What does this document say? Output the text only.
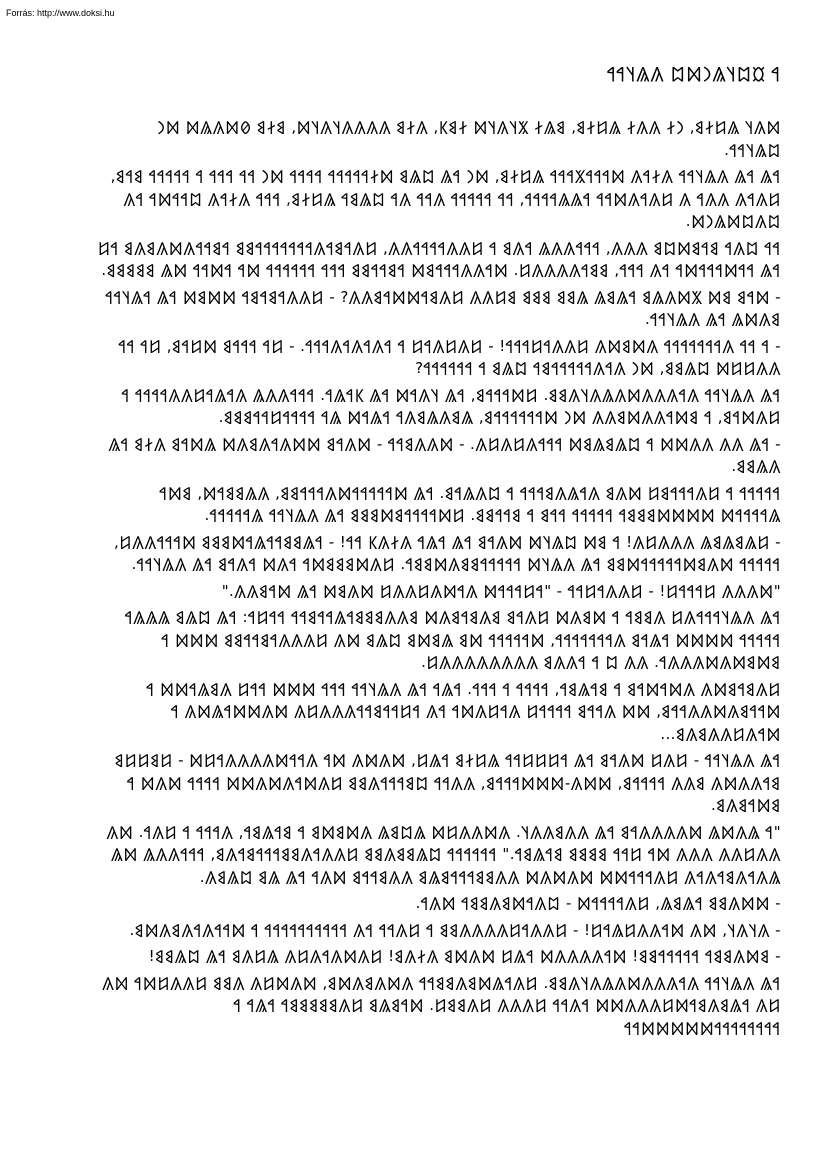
Forrás: http://www.doksi.hu
𐲀 𐲬𐲪𐲦𐲖𐲙𐲫𐲪 𐲍𐲖𐲦𐲀𐲀

𐲫𐲍𐲦 𐲖𐲆𐲇𐲘, 𐲙𐲇 𐲍𐲍𐲇 𐲖𐲆𐲇𐲘, 𐲘𐲖𐲇 𐲨𐲦𐲍𐲦𐲫 𐲇𐲘𐲞, 𐲍𐲇𐲘 𐲍𐲍𐲍𐲍𐲦𐲍𐲦𐲫, 𐲘𐲇𐲘 𐲗𐲫𐲍𐲖𐲫 𐲫𐲙 𐲪𐲖𐲦𐲀𐲀.

𐲀𐲖 𐲀𐲖 𐲍𐲖𐲦𐲀𐲀 𐲍𐲇𐲀𐲍 𐲫𐲀𐲀𐲀𐲨𐲀𐲀𐲀 𐲖𐲆𐲇𐲘, 𐲫𐲙 𐲀𐲖 𐲪𐲖𐲘 𐲫𐲇𐲀𐲀𐲀𐲀𐲀 𐲀𐲀𐲀𐲀 𐲫𐲙 𐲀𐲀 𐲀𐲀𐲀 𐲀 𐲀𐲀𐲀𐲀𐲀 𐲘𐲀𐲘, 𐲆𐲍𐲀𐲍 𐲍𐲍𐲀 𐲍 𐲆𐲍𐲀𐲍𐲫𐲀𐲀 𐲀𐲖𐲖𐲀𐲀𐲀𐲀, 𐲀𐲀 𐲀𐲀𐲀𐲀𐲀 𐲍𐲀𐲀 𐲍𐲀 𐲪𐲖𐲘𐲀 𐲖𐲆𐲇𐲘, 𐲀𐲀𐲀 𐲍𐲇𐲀𐲍 𐲪𐲀𐲀𐲫𐲀 𐲀𐲍 𐲪𐲍𐲪𐲫𐲖𐲙𐲫.

𐲀𐲀 𐲪𐲍𐲀 𐲘𐲀𐲘𐲫𐲪𐲘 𐲍𐲍𐲍, 𐲀𐲀𐲀𐲍𐲍𐲖 𐲀𐲍𐲘 𐲀 𐲆𐲍𐲍𐲀𐲀𐲀𐲀𐲍𐲍, 𐲆𐲍𐲀𐲘𐲀𐲍𐲀𐲀𐲀𐲀𐲀𐲀𐲀𐲘𐲘 𐲀𐲘𐲀𐲀𐲍𐲫𐲍𐲘𐲍𐲘 𐲀𐲆 𐲀𐲖 𐲀𐲀𐲫𐲀𐲀𐲀𐲫𐲀 𐲀𐲍 𐲀𐲀𐲀, 𐲘𐲘𐲀𐲍𐲍𐲍𐲍𐲆. 𐲫𐲀𐲍𐲍𐲀𐲀𐲀𐲘𐲫 𐲀𐲘𐲀𐲀𐲘𐲘 𐲀𐲀𐲀 𐲀𐲀𐲀𐲀𐲀𐲀 𐲫𐲀 𐲀𐲫𐲀𐲀 𐲫𐲖 𐲘𐲘𐲘𐲘𐲘.

- 𐲫𐲀𐲘 𐲘𐲫 𐲨𐲫𐲍𐲖𐲘 𐲀𐲖𐲘𐲖 𐲖𐲘𐲘 𐲘𐲘𐲘 𐲘𐲆𐲍𐲍 𐲆𐲍𐲘𐲀𐲫𐲫𐲀𐲘𐲍𐲍? - 𐲆𐲍𐲍𐲀𐲘𐲀𐲘𐲀 𐲫𐲫𐲘𐲫 𐲀𐲖 𐲀𐲖𐲦𐲀𐲀 𐲘𐲍𐲫𐲖 𐲀𐲖 𐲍𐲖𐲦𐲀𐲀.

- 𐲀 𐲀𐲀 𐲍𐲀𐲀𐲀𐲀𐲀𐲀𐲀 𐲍𐲫𐲘𐲫𐲍 𐲆𐲍𐲍𐲀𐲆𐲀𐲀𐲀! - 𐲆𐲍𐲆𐲍𐲀𐲆 𐲀 𐲀𐲍𐲀𐲍𐲀𐲍𐲀𐲀𐲀. - 𐲆𐲀 𐲀𐲀𐲀𐲘 𐲫𐲆𐲀𐲘, 𐲆𐲀 𐲀𐲀 𐲍𐲍𐲆𐲆𐲫 𐲪𐲖𐲘𐲘, 𐲫𐲙 𐲍𐲀𐲍𐲀𐲀𐲀𐲀𐲀𐲘𐲀 𐲪𐲖𐲘 𐲀 𐲀𐲀𐲀𐲀𐲀𐲀?

𐲀𐲖 𐲍𐲖𐲦𐲀𐲀 𐲍𐲀𐲍𐲍𐲍𐲫𐲍𐲖𐲍𐲦𐲍𐲘𐲘. 𐲆𐲫𐲀𐲀𐲀𐲘, 𐲀𐲖 𐲦𐲍𐲀𐲫 𐲀𐲖 𐲞𐲀𐲖𐲀. 𐲀𐲀𐲀𐲍𐲍𐲖 𐲍𐲀𐲖𐲀𐲆𐲍𐲍𐲀𐲀𐲀𐲀 𐲀 𐲆𐲍𐲫𐲀𐲘, 𐲀 𐲘𐲫𐲀𐲍𐲍𐲫𐲘𐲍𐲍 𐲫𐲙 𐲫𐲀𐲀𐲀𐲀𐲀𐲀𐲘, 𐲖𐲘𐲍𐲖𐲘𐲍𐲀 𐲀𐲖𐲀𐲫 𐲖𐲀 𐲀𐲀𐲀𐲀𐲆𐲀𐲀𐲘𐲘𐲘.

- 𐲀𐲖 𐲍𐲍 𐲍𐲍𐲫𐲫 𐲀 𐲪𐲖𐲘𐲖𐲘𐲫 𐲀𐲀𐲀𐲍𐲆𐲍𐲆𐲍. - 𐲫𐲍𐲍𐲘𐲀𐲀 - 𐲫𐲍𐲀𐲘 𐲫𐲫𐲍𐲀𐲍𐲘𐲍𐲫 𐲖𐲫𐲀𐲘 𐲍𐲇𐲘 𐲀𐲖 𐲍𐲖𐲘𐲘.

𐲀𐲀𐲀𐲀𐲀 𐲀 𐲆𐲍𐲀𐲀𐲀𐲘𐲆 𐲫𐲍𐲘 𐲍𐲀𐲖𐲍𐲘𐲀𐲀𐲀 𐲀 𐲪𐲍𐲖𐲀𐲘. 𐲀𐲖 𐲫𐲀𐲀𐲀𐲀𐲀𐲫𐲍𐲀𐲀𐲀𐲘𐲘, 𐲍𐲖𐲘𐲘𐲀𐲫, 𐲘𐲫𐲀 𐲖𐲀𐲀𐲀𐲀𐲫 𐲫𐲫𐲫𐲫𐲘𐲘𐲘𐲀 𐲀𐲀𐲀𐲀𐲀 𐲀𐲀𐲘 𐲀 𐲘𐲀𐲀𐲘𐲘. 𐲆𐲫𐲀𐲀𐲀𐲀𐲘𐲫𐲘𐲘𐲘 𐲀𐲖 𐲍𐲖𐲦𐲀𐲀 𐲖𐲀𐲀𐲀𐲀𐲀.

- 𐲆𐲖𐲘𐲖𐲘𐲖 𐲍𐲍𐲍𐲆𐲍! 𐲀 𐲘𐲫 𐲪𐲖𐲦𐲫 𐲫𐲍𐲀𐲘 𐲀𐲖 𐲀𐲖𐲀 𐲍𐲇𐲍𐲞 𐲀𐲀! - 𐲀𐲖𐲘𐲘𐲀𐲀𐲖𐲀𐲫𐲘𐲘𐲘 𐲫𐲀𐲀𐲀𐲍𐲍𐲆, 𐲀𐲀𐲀𐲀𐲀 𐲫𐲍𐲘𐲫𐲀𐲀𐲀𐲀𐲀𐲫𐲘𐲘 𐲀𐲖 𐲍𐲖𐲦𐲫 𐲀𐲀𐲀𐲀𐲀𐲘𐲘𐲍𐲫𐲘𐲘𐲀. 𐲆𐲍𐲫𐲘𐲘𐲘𐲫𐲀 𐲀𐲍𐲫 𐲀𐲍𐲀𐲘 𐲀𐲖 𐲍𐲖𐲦𐲀𐲀.

"𐲫𐲍𐲍𐲍 𐲆𐲀𐲀𐲀𐲆! - 𐲆𐲍𐲍𐲀𐲆𐲀𐲀 - "𐲀𐲆𐲀𐲀𐲀𐲫 𐲍𐲀𐲫𐲍𐲆𐲍𐲍𐲆 𐲫𐲍𐲘𐲫 𐲀𐲖 𐲫𐲀𐲘𐲍𐲍."

𐲀𐲖 𐲍𐲖𐲦𐲀𐲀𐲀𐲍𐲆 𐲍𐲘𐲘𐲀 𐲀 𐲫𐲘𐲍𐲫 𐲆𐲍𐲀𐲘 𐲘𐲍𐲘𐲀𐲘𐲍𐲫 𐲘𐲍𐲍𐲘𐲘𐲘𐲀𐲖𐲀𐲀𐲘𐲀𐲀 𐲀𐲀𐲆𐲀: 𐲀𐲖 𐲪𐲖𐲘 𐲖𐲖𐲖𐲀 𐲀𐲀𐲀𐲀𐲀 𐲫𐲫𐲫𐲫 𐲀𐲖𐲀𐲘 𐲍𐲀𐲀𐲀𐲀𐲀𐲀𐲀, 𐲫𐲀𐲀𐲀𐲀𐲀 𐲫𐲘 𐲖𐲘𐲫𐲘 𐲪𐲖𐲘 𐲫𐲍 𐲆𐲍𐲍𐲍𐲀𐲘𐲀𐲀𐲘𐲘 𐲫𐲫𐲫 𐲀 𐲘𐲫𐲘𐲫𐲍𐲫𐲍𐲍𐲍𐲀. 𐲍𐲍 𐲪 𐲀 𐲀𐲍𐲍𐲘 𐲍𐲍𐲍𐲍𐲍𐲍𐲍𐲍𐲆.

𐲆𐲍𐲘𐲀𐲘𐲫𐲍 𐲍𐲫𐲀𐲫𐲀𐲘 𐲀 𐲘𐲀𐲖𐲘𐲀, 𐲀𐲀𐲀𐲀 𐲀 𐲀𐲀𐲀. 𐲀𐲖𐲀 𐲀𐲖 𐲍𐲖𐲦𐲀𐲀 𐲀𐲀𐲀 𐲫𐲫𐲫 𐲀𐲀𐲆 𐲍𐲘𐲖𐲀𐲫𐲫 𐲀 𐲫𐲀𐲀𐲘𐲍𐲫𐲍𐲍𐲀𐲀𐲘, 𐲫𐲫 𐲍𐲀𐲀𐲘 𐲀𐲀𐲀𐲀𐲆 𐲍𐲀𐲆𐲍𐲫𐲀 𐲀𐲍 𐲀𐲆𐲀𐲀𐲘𐲀𐲀𐲍𐲍𐲍𐲆𐲍 𐲫𐲍𐲫𐲫𐲀𐲖𐲫𐲍 𐲀 𐲫𐲀𐲍𐲆𐲍𐲍𐲘𐲍𐲘...

𐲀𐲖 𐲍𐲖𐲦𐲀𐲀 - 𐲆𐲍𐲆 𐲫𐲍𐲀𐲘 𐲀𐲖 𐲀𐲆𐲆𐲆𐲀𐲀 𐲖𐲆𐲇𐲘 𐲀𐲖𐲆, 𐲫𐲍𐲫𐲍 𐲫𐲀 𐲍𐲀𐲀𐲫𐲍𐲍𐲍𐲍𐲀𐲆𐲫 - 𐲆𐲘𐲆𐲆𐲘 𐲘𐲀𐲍𐲍𐲫𐲍 𐲘𐲍𐲍 𐲀𐲀𐲀𐲀𐲘, 𐲫𐲫𐲍-𐲫𐲫𐲫𐲀𐲀𐲀𐲘, 𐲍𐲍𐲀𐲀 𐲪𐲘𐲀𐲀𐲀𐲍𐲘𐲘 𐲆𐲍𐲫𐲀𐲍𐲫𐲍𐲫𐲫 𐲀𐲀𐲀𐲀 𐲫𐲍𐲫 𐲀 𐲘𐲫𐲀𐲘𐲍𐲘.

"𐲀 𐲖𐲍𐲫𐲖 𐲫𐲍𐲍𐲍𐲍𐲀𐲘 𐲀𐲖 𐲍𐲍𐲘𐲍𐲍𐲦. 𐲍𐲫𐲍𐲍𐲆𐲫 𐲖𐲪𐲘𐲖 𐲍𐲫𐲘𐲫𐲘 𐲀 𐲘𐲀𐲖𐲘𐲀, 𐲍𐲀𐲀𐲀 𐲀 𐲆𐲍𐲀. 𐲫𐲍 𐲍𐲍𐲆𐲍𐲍 𐲍𐲍𐲍 𐲫𐲀 𐲆𐲀𐲀 𐲘𐲘𐲘𐲘 𐲘𐲀𐲖𐲘𐲀." 𐲀𐲀𐲀𐲀𐲀𐲀 𐲪𐲖𐲘𐲘𐲍𐲘𐲘 𐲆𐲍𐲍𐲀𐲍𐲘𐲘𐲀𐲀𐲀𐲘𐲀𐲍𐲘, 𐲀𐲀𐲀𐲍𐲍𐲖 𐲫𐲖 𐲖𐲍𐲀𐲍𐲘𐲀𐲍𐲀𐲍 𐲆𐲍𐲀𐲀𐲀𐲫𐲫 𐲫𐲍𐲫𐲍𐲫 𐲍𐲍𐲘𐲘𐲀𐲀𐲀𐲘𐲖𐲘 𐲍𐲍𐲘𐲀𐲀𐲘 𐲫𐲍𐲀 𐲀𐲖 𐲖𐲘 𐲪𐲖𐲘𐲍.

- 𐲫𐲫𐲍𐲘𐲘 𐲀𐲖𐲘𐲖, 𐲆𐲍𐲀𐲀𐲀𐲀𐲫 - 𐲪𐲍𐲀𐲫𐲘𐲍𐲘𐲘𐲀 𐲫𐲍𐲀.

- 𐲍𐲦𐲍𐲦, 𐲫𐲍 𐲫𐲀𐲍𐲍𐲆𐲖𐲀𐲆! - 𐲆𐲍𐲍𐲀𐲆𐲍𐲍𐲍𐲍𐲘𐲘 𐲀 𐲆𐲍𐲀𐲀 𐲀𐲍 𐲀𐲀𐲀𐲀𐲀𐲀𐲀𐲀𐲀𐲀 𐲀 𐲫𐲀𐲀𐲍𐲀𐲍𐲘𐲍𐲫𐲘.

- 𐲘𐲫𐲍𐲘𐲘𐲀 𐲀𐲀𐲀𐲀𐲀𐲘𐲘! 𐲫𐲀𐲍𐲍𐲍𐲍𐲫 𐲀𐲖𐲆 𐲫𐲍𐲫𐲘 𐲍𐲇𐲍𐲘! 𐲆𐲍𐲫𐲍𐲀𐲍𐲆𐲍 𐲖𐲆𐲍𐲘 𐲀𐲖 𐲪𐲖𐲘𐲘!

𐲀𐲖 𐲍𐲖𐲦𐲀𐲀 𐲍𐲀𐲍𐲍𐲍𐲫𐲍𐲖𐲍𐲦𐲍𐲘𐲘. 𐲆𐲍𐲀𐲖𐲫𐲘𐲍𐲘𐲘𐲀𐲀 𐲍𐲫𐲍𐲘𐲍𐲫𐲘, 𐲫𐲍𐲫𐲆𐲍 𐲍𐲘𐲘 𐲆𐲍𐲍𐲆𐲫𐲀 𐲫𐲍 𐲆𐲍 𐲀𐲖𐲘𐲍𐲘𐲀𐲫𐲆𐲍𐲍𐲍𐲫𐲫 𐲀𐲍𐲀𐲀 𐲆𐲍𐲍𐲍 𐲆𐲍𐲘𐲘𐲆. 𐲫𐲀𐲘𐲖𐲘 𐲆𐲍𐲘𐲘𐲘𐲘𐲘𐲀 𐲀𐲖𐲀 𐲀 𐲀𐲀𐲀𐲀𐲀𐲀𐲀𐲀𐲫𐲫𐲫𐲫𐲫𐲀𐲀
